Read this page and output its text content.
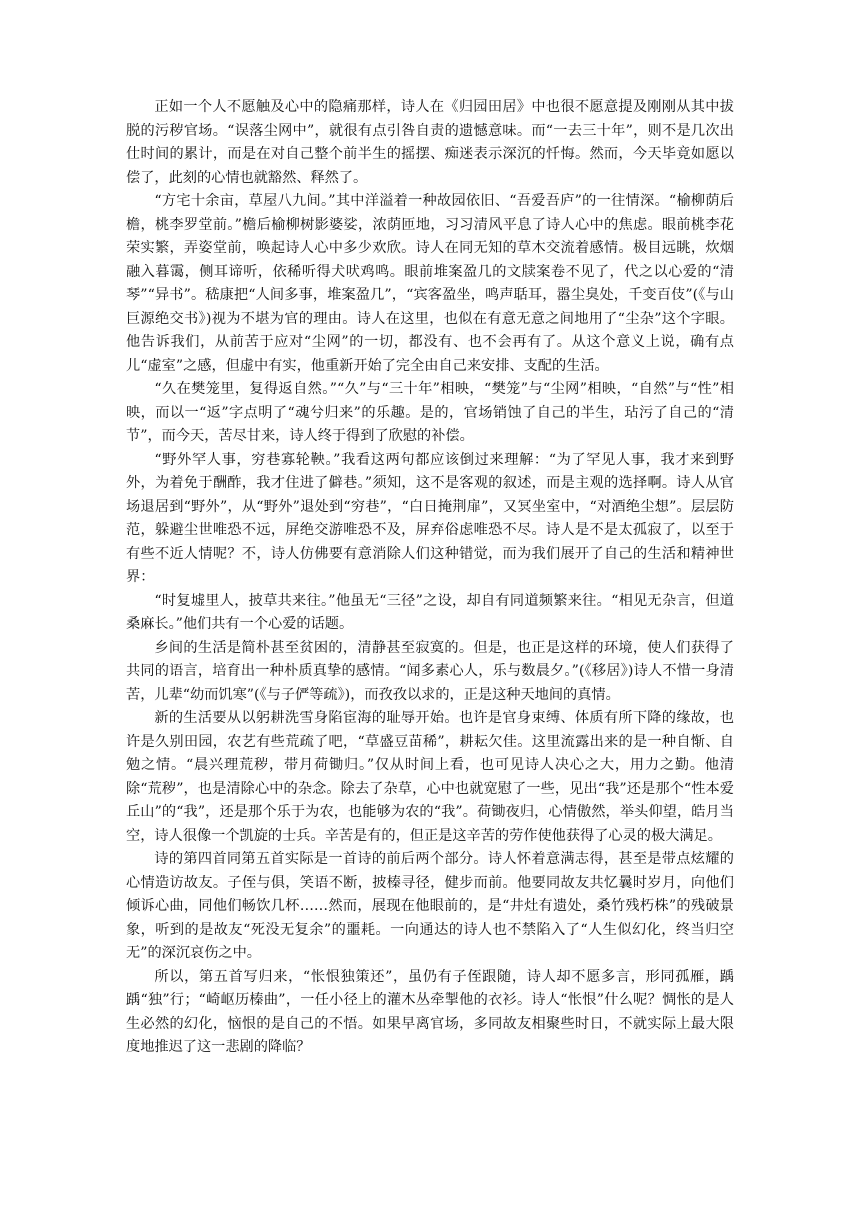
正如一个人不愿触及心中的隐痛那样，诗人在《归园田居》中也很不愿意提及刚刚从其中拔脱的污秽官场。“误落尘网中”，就很有点引咎自责的遗憾意味。而“一去三十年”，则不是几次出仕时间的累计，而是在对自己整个前半生的摇摆、痴迷表示深沉的忏悔。然而，今天毕竟如愿以偿了，此刻的心情也就豁然、释然了。

“方宅十余亩，草屋八九间。”其中洋溢着一种故园依旧、“吾爱吾庐”的一往情深。“榆柳荫后檐，桃李罗堂前。”檐后榆柳树影婆娑，浓荫匝地，习习清风平息了诗人心中的焦虑。眼前桃李花荣实繁，弄姿堂前，唤起诗人心中多少欢欣。诗人在同无知的草木交流着感情。极目远眺，炊烟融入暮霭，侧耳谛听，依稀听得犬吠鸡鸣。眼前堆案盈几的文牍案卷不见了，代之以心爱的“清琴”“异书”。嵇康把“人间多事，堆案盈几”，“宾客盈坐，鸣声聒耳，嚣尘臭处，千变百伎”(《与山巨源绝交书》)视为不堪为官的理由。诗人在这里，也似在有意无意之间地用了“尘杂”这个字眼。他告诉我们，从前苦于应对“尘网”的一切，都没有、也不会再有了。从这个意义上说，确有点儿“虚室”之感，但虚中有实，他重新开始了完全由自己来安排、支配的生活。

“久在樊笼里，复得返自然。”“久”与“三十年”相映，“樊笼”与“尘网”相映，“自然”与“性”相映，而以一“返”字点明了“魂兮归来”的乐趣。是的，官场销蚀了自己的半生，玷污了自己的“清节”，而今天，苦尽甘来，诗人终于得到了欣慰的补偿。

“野外罕人事，穷巷寡轮鞅。”我看这两句都应该倒过来理解：“为了罕见人事，我才来到野外，为着免于酬酢，我才住进了僻巷。”须知，这不是客观的叙述，而是主观的选择啊。诗人从官场退居到“野外”，从“野外”退处到“穷巷”，“白日掩荆扉”，又冥坐室中，“对酒绝尘想”。层层防范，躲避尘世唯恐不远，屏绝交游唯恐不及，屏弃俗虑唯恐不尽。诗人是不是太孤寂了，以至于有些不近人情呢？不，诗人仿佛要有意消除人们这种错觉，而为我们展开了自己的生活和精神世界：

“时复墟里人，披草共来往。”他虽无“三径”之设，却自有同道频繁来往。“相见无杂言，但道桑麻长。”他们共有一个心爱的话题。

乡间的生活是简朴甚至贫困的，清静甚至寂寞的。但是，也正是这样的环境，使人们获得了共同的语言，培育出一种朴质真挚的感情。“闻多素心人，乐与数晨夕。”(《移居》)诗人不惜一身清苦，儿辈“幼而饥寒”(《与子俨等疏》)，而孜孜以求的，正是这种天地间的真情。

新的生活要从以躬耕洗雪身陷宦海的耻辱开始。也许是官身束缚、体质有所下降的缘故，也许是久别田园，农艺有些荒疏了吧，“草盛豆苗稀”，耕耘欠佳。这里流露出来的是一种自惭、自勉之情。“晨兴理荒秽，带月荷锄归。”仅从时间上看，也可见诗人决心之大，用力之勤。他清除“荒秽”，也是清除心中的杂念。除去了杂草，心中也就宽慰了一些，见出“我”还是那个“性本爱丘山”的“我”，还是那个乐于为农，也能够为农的“我”。荷锄夜归，心情傲然，举头仰望，皓月当空，诗人很像一个凯旋的士兵。辛苦是有的，但正是这辛苦的劳作使他获得了心灵的极大满足。

诗的第四首同第五首实际是一首诗的前后两个部分。诗人怀着意满志得，甚至是带点炫耀的心情造访故友。子侄与俱，笑语不断，披榛寻径，健步而前。他要同故友共忆曩时岁月，向他们倾诉心曲，同他们畅饮几杯……然而，展现在他眼前的，是“井灶有遗处，桑竹残朽株”的残破景象，听到的是故友“死没无复余”的噩耗。一向通达的诗人也不禁陷入了“人生似幻化，终当归空无”的深沉哀伤之中。

所以，第五首写归来，“怅恨独策还”，虽仍有子侄跟随，诗人却不愿多言，形同孤雁，踽踽“独”行；“崎岖历榛曲”，一任小径上的灌木丛牵掣他的衣衫。诗人“怅恨”什么呢？惆怅的是人生必然的幻化，恼恨的是自己的不悟。如果早离官场，多同故友相聚些时日，不就实际上最大限度地推迟了这一悲剧的降临？
